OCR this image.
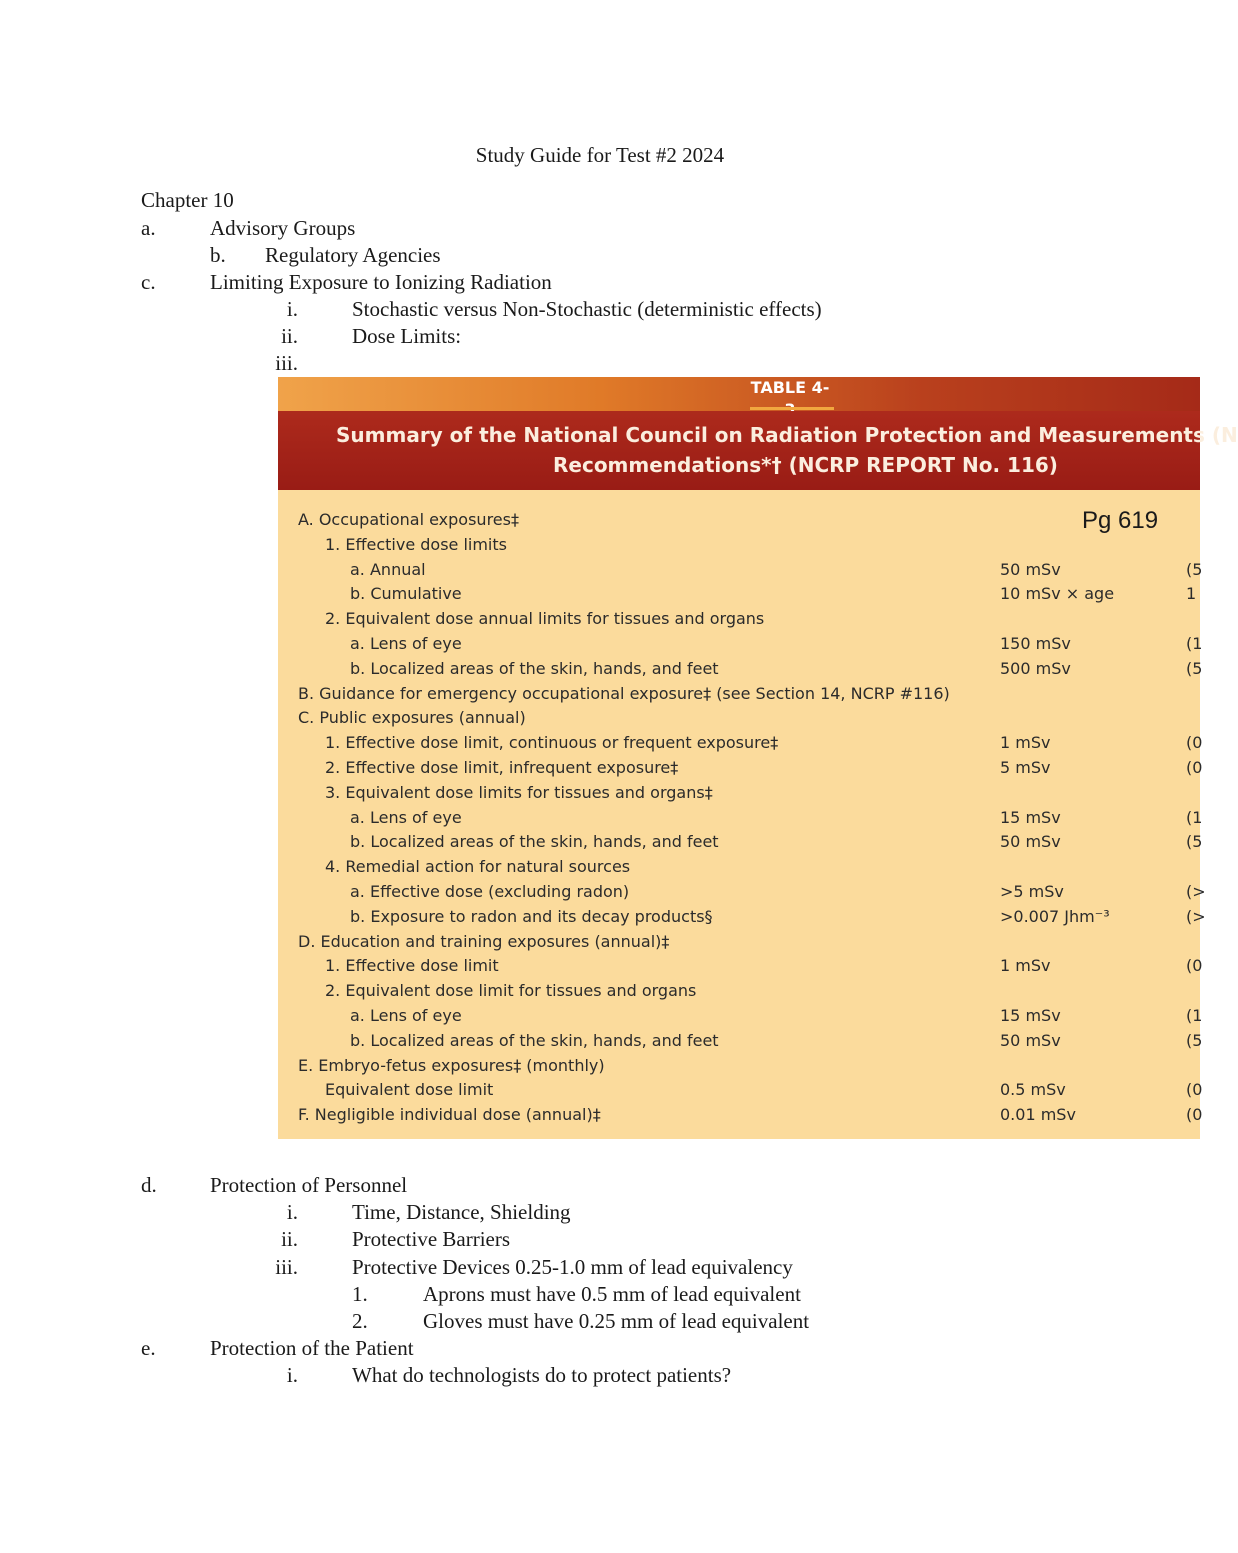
Study Guide for Test #2 2024
Chapter 10
a.	Advisory Groups
b. Regulatory Agencies
c.	Limiting Exposure to Ionizing Radiation
i.	Stochastic versus Non-Stochastic (deterministic effects)
ii.	Dose Limits:
iii.
TABLE 4-
Summary of the National Council on Radiation Protection and Measurements (N
Recommendations*† (NCRP REPORT No. 116)
Pg 619
A. Occupational exposures‡
1. Effective dose limits
a. Annual	50 mSv	(5
b. Cumulative	10 mSv × age	1
2. Equivalent dose annual limits for tissues and organs
a. Lens of eye	150 mSv	(1
b. Localized areas of the skin, hands, and feet	500 mSv	(5
B. Guidance for emergency occupational exposure‡ (see Section 14, NCRP #116)
C. Public exposures (annual)
1. Effective dose limit, continuous or frequent exposure‡	1 mSv	(0
2. Effective dose limit, infrequent exposure‡	5 mSv	(0
3. Equivalent dose limits for tissues and organs‡
a. Lens of eye	15 mSv	(1
b. Localized areas of the skin, hands, and feet	50 mSv	(5
4. Remedial action for natural sources
a. Effective dose (excluding radon)	>5 mSv	(>
b. Exposure to radon and its decay products§	>0.007 Jhm⁻³	(>
D. Education and training exposures (annual)‡
1. Effective dose limit	1 mSv	(0
2. Equivalent dose limit for tissues and organs
a. Lens of eye	15 mSv	(1
b. Localized areas of the skin, hands, and feet	50 mSv	(5
E. Embryo-fetus exposures‡ (monthly)
Equivalent dose limit	0.5 mSv	(0
F. Negligible individual dose (annual)‡	0.01 mSv	(0
d.	Protection of Personnel
i.	Time, Distance, Shielding
ii.	Protective Barriers
iii.	Protective Devices 0.25-1.0 mm of lead equivalency
1.	Aprons must have 0.5 mm of lead equivalent
2.	Gloves must have 0.25 mm of lead equivalent
e.	Protection of the Patient
i.	What do technologists do to protect patients?
